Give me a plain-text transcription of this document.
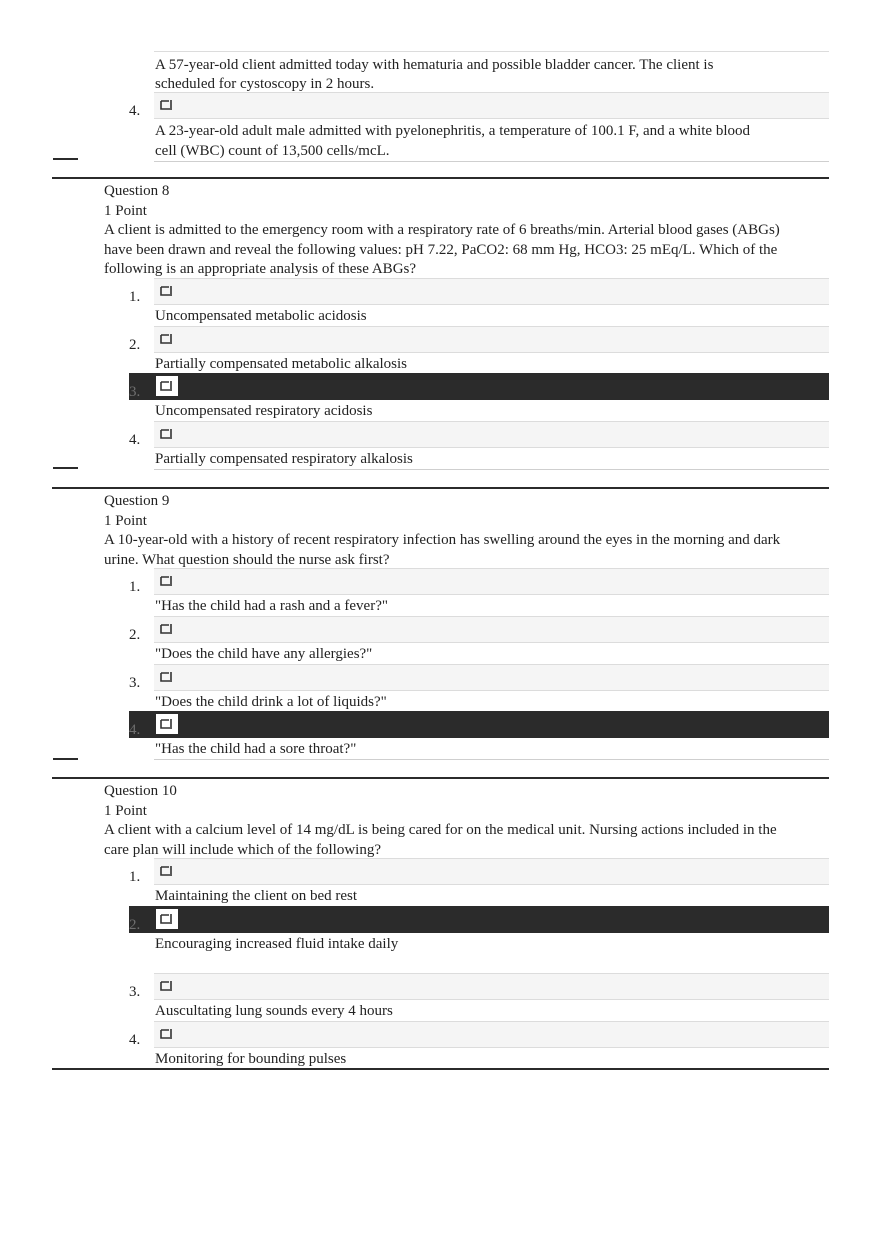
A 57-year-old client admitted today with hematuria and possible bladder cancer. The client is
scheduled for cystoscopy in 2 hours.
4.
A 23-year-old adult male admitted with pyelonephritis, a temperature of 100.1 F, and a white blood
cell (WBC) count of 13,500 cells/mcL.
Question 8
1 Point
A client is admitted to the emergency room with a respiratory rate of 6 breaths/min. Arterial blood gases (ABGs)
have been drawn and reveal the following values: pH 7.22, PaCO2: 68 mm Hg, HCO3: 25 mEq/L. Which of the
following is an appropriate analysis of these ABGs?
1.
Uncompensated metabolic acidosis
2.
Partially compensated metabolic alkalosis
3.
Uncompensated respiratory acidosis
4.
Partially compensated respiratory alkalosis
Question 9
1 Point
A 10-year-old with a history of recent respiratory infection has swelling around the eyes in the morning and dark
urine. What question should the nurse ask first?
1.
"Has the child had a rash and a fever?"
2.
"Does the child have any allergies?"
3.
"Does the child drink a lot of liquids?"
4.
"Has the child had a sore throat?"
Question 10
1 Point
A client with a calcium level of 14 mg/dL is being cared for on the medical unit. Nursing actions included in the
care plan will include which of the following?
1.
Maintaining the client on bed rest
2.
Encouraging increased fluid intake daily
3.
Auscultating lung sounds every 4 hours
4.
Monitoring for bounding pulses
